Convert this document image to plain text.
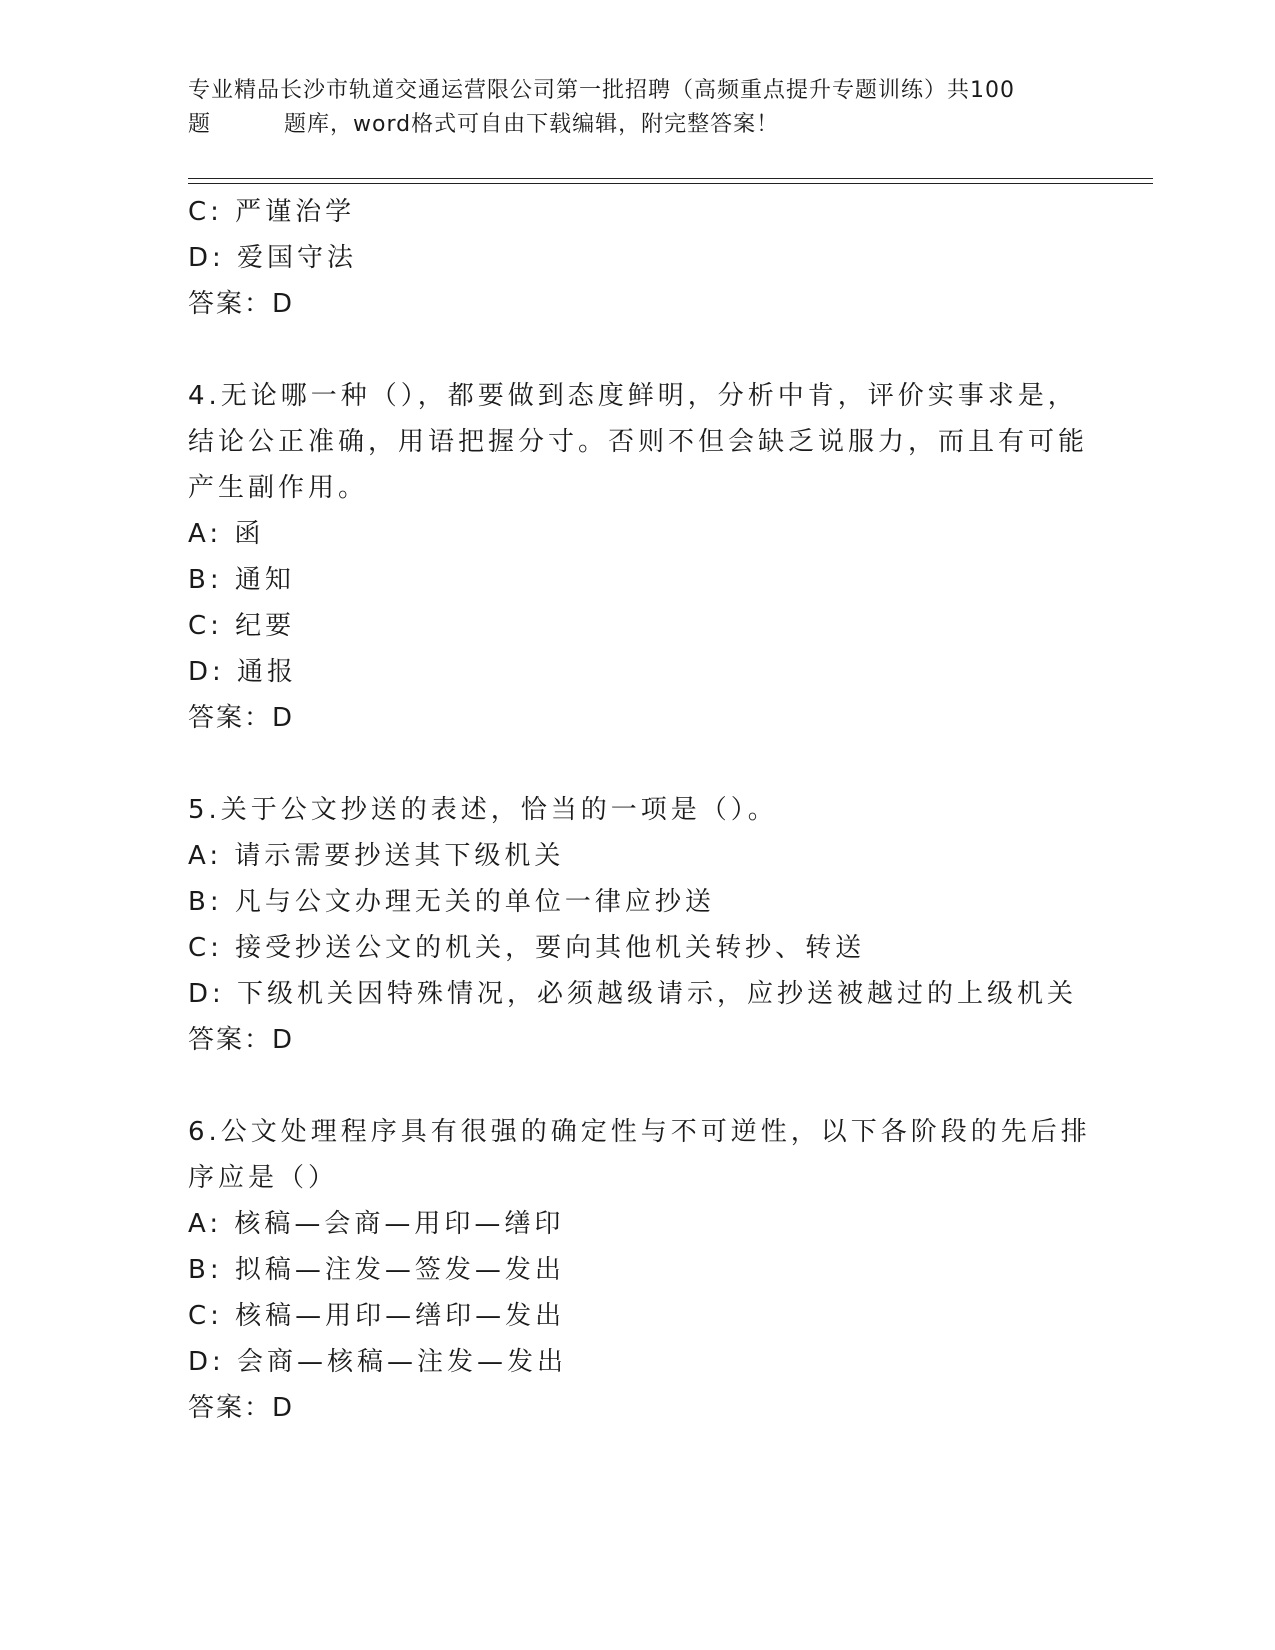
专业精品长沙市轨道交通运营限公司第一批招聘（高频重点提升专题训练）共100
题	题库，word格式可自由下载编辑，附完整答案！
C: 严谨治学
D: 爱国守法
答案：D
4.无论哪一种（），都要做到态度鲜明，分析中肯，评价实事求是，
结论公正准确，用语把握分寸。否则不但会缺乏说服力，而且有可能
产生副作用。
A: 函
B: 通知
C: 纪要
D: 通报
答案：D
5.关于公文抄送的表述，恰当的一项是（）。
A: 请示需要抄送其下级机关
B: 凡与公文办理无关的单位一律应抄送
C: 接受抄送公文的机关，要向其他机关转抄、转送
D: 下级机关因特殊情况，必须越级请示，应抄送被越过的上级机关
答案：D
6.公文处理程序具有很强的确定性与不可逆性，以下各阶段的先后排
序应是（）
A: 核稿—会商—用印—缮印
B: 拟稿—注发—签发—发出
C: 核稿—用印—缮印—发出
D: 会商—核稿—注发—发出
答案：D
